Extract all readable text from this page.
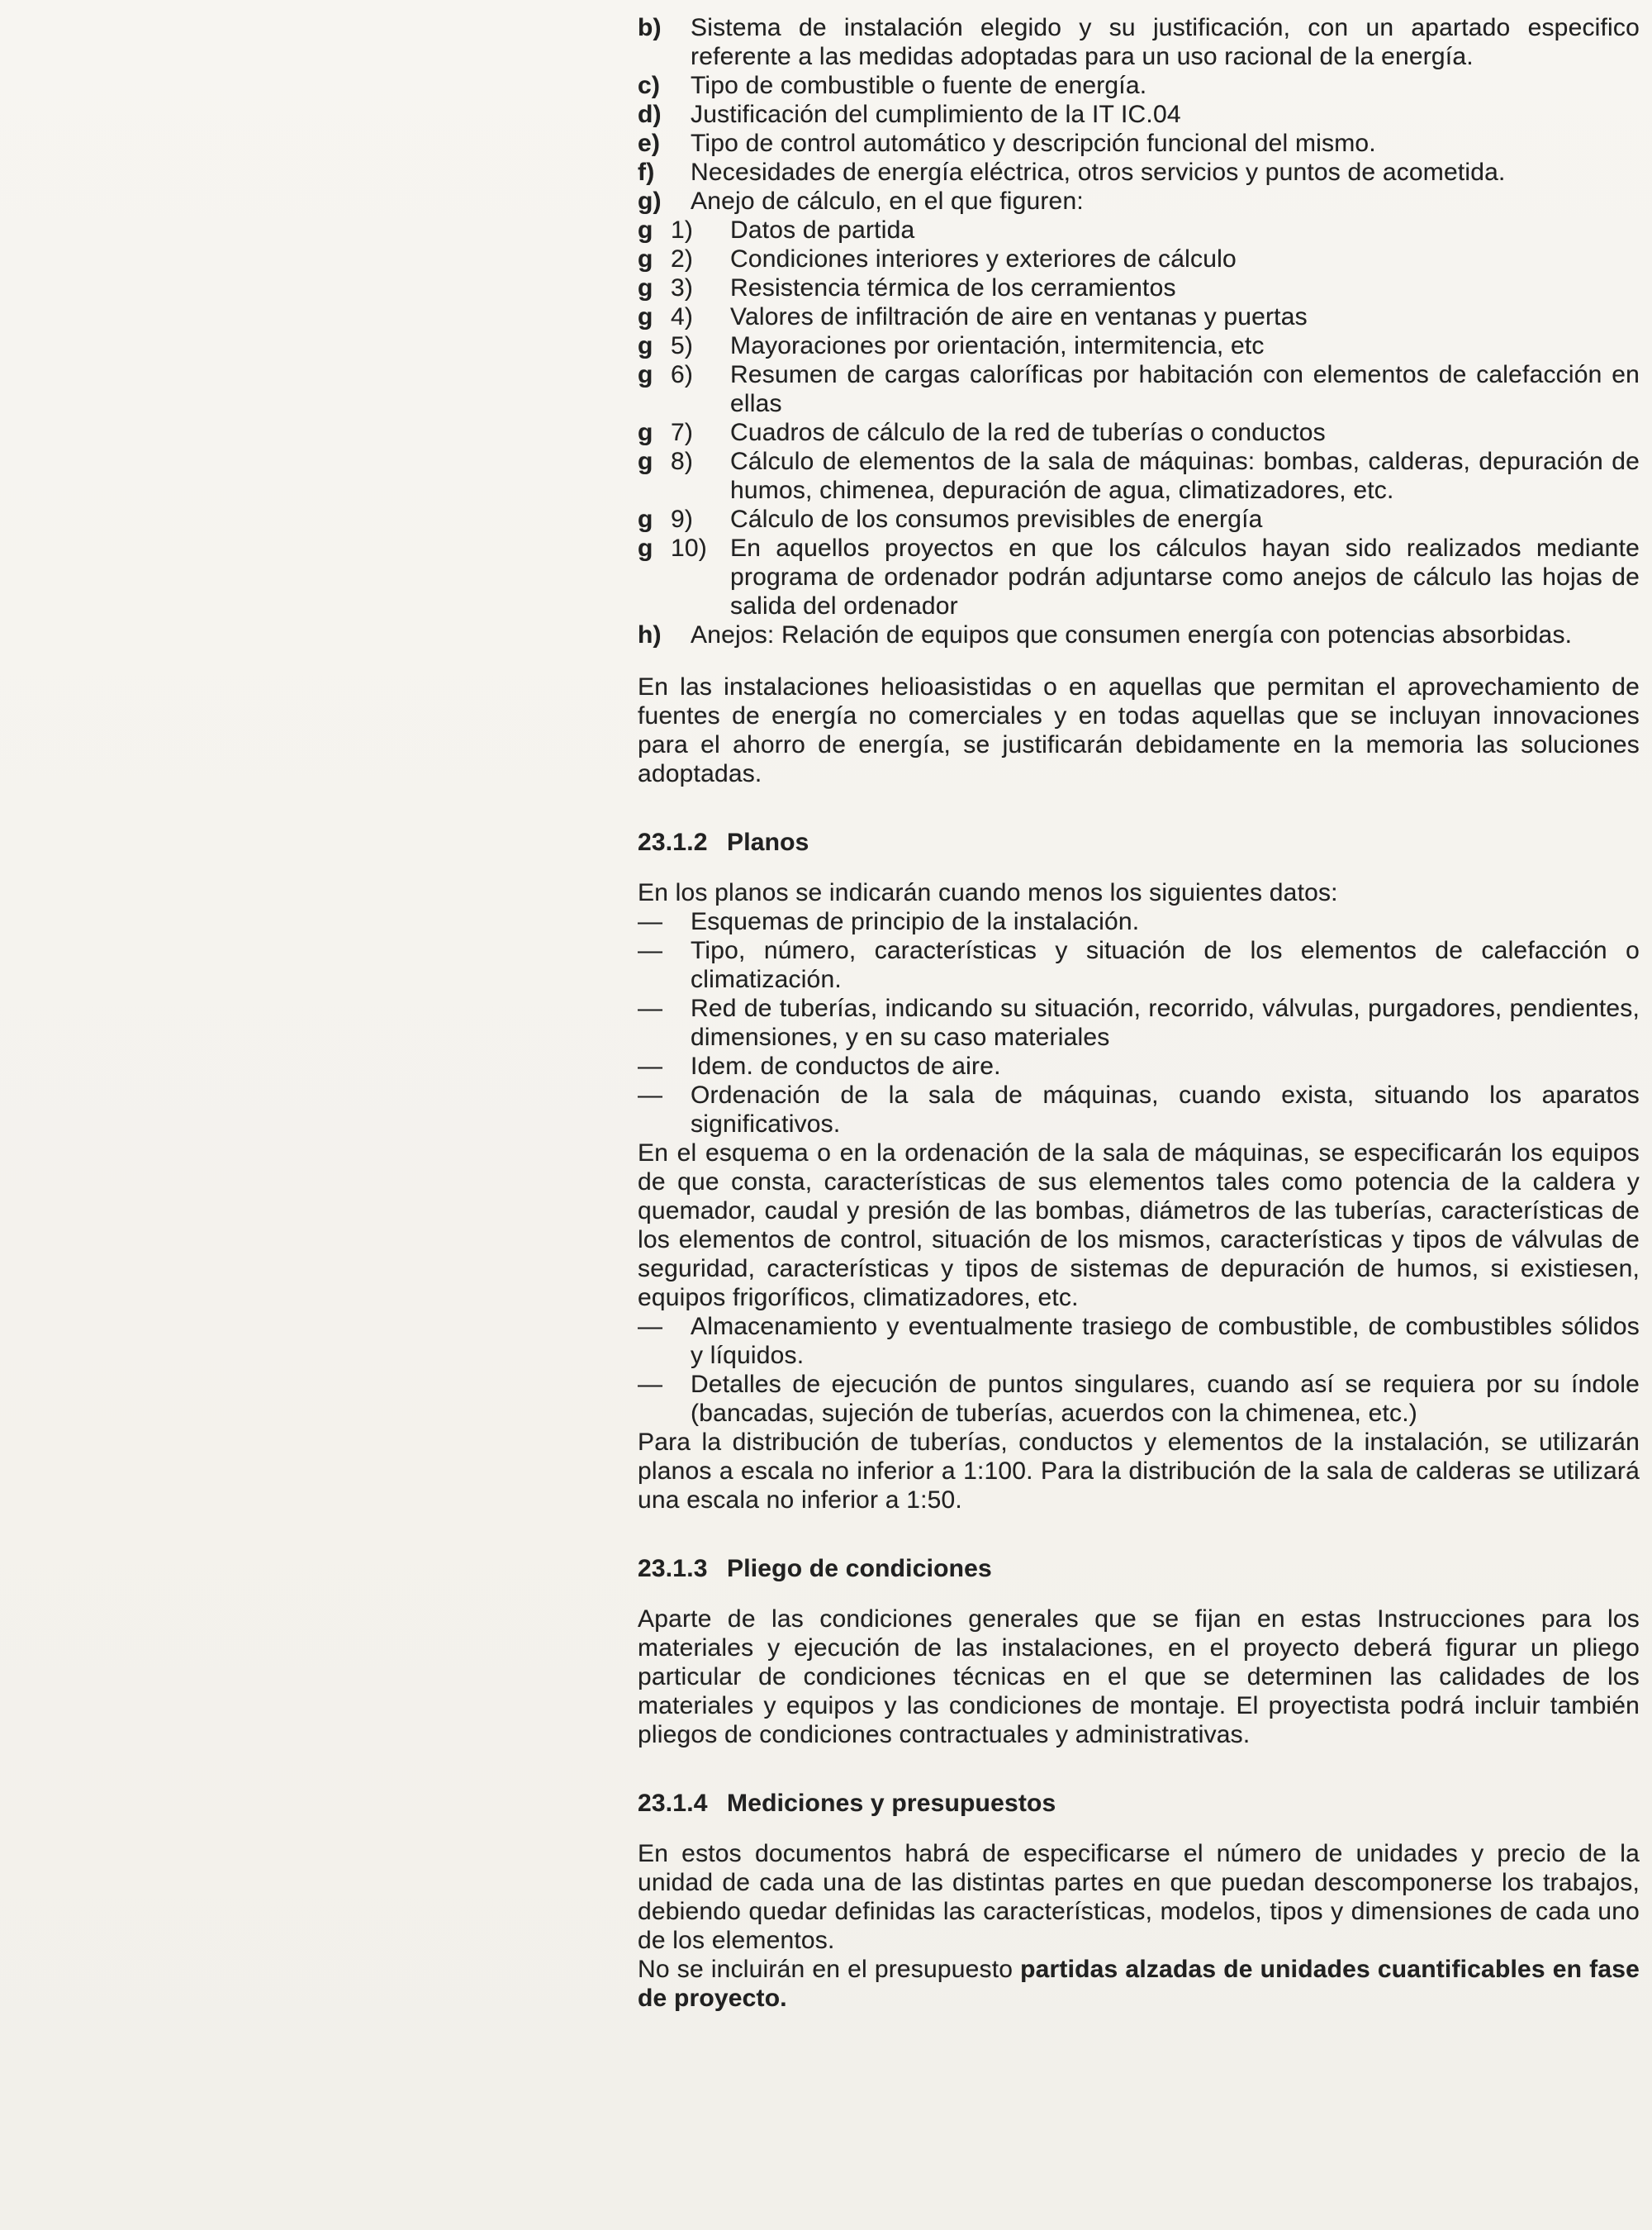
b)	Sistema de instalación elegido y su justificación, con un apartado especifico referente a las medidas adoptadas para un uso racional de la energía.
c)	Tipo de combustible o fuente de energía.
d)	Justificación del cumplimiento de la IT IC.04
e)	Tipo de control automático y descripción funcional del mismo.
f)	Necesidades de energía eléctrica, otros servicios y puntos de acometida.
g)	Anejo de cálculo, en el que figuren:
g 1)	Datos de partida
g 2)	Condiciones interiores y exteriores de cálculo
g 3)	Resistencia térmica de los cerramientos
g 4)	Valores de infiltración de aire en ventanas y puertas
g 5)	Mayoraciones por orientación, intermitencia, etc
g 6)	Resumen de cargas caloríficas por habitación con elementos de calefacción en ellas
g 7)	Cuadros de cálculo de la red de tuberías o conductos
g 8)	Cálculo de elementos de la sala de máquinas: bombas, calderas, depuración de humos, chimenea, depuración de agua, climatizadores, etc.
g 9)	Cálculo de los consumos previsibles de energía
g 10) En aquellos proyectos en que los cálculos hayan sido realizados mediante programa de ordenador podrán adjuntarse como anejos de cálculo las hojas de salida del ordenador
h)	Anejos: Relación de equipos que consumen energía con potencias absorbidas.

En las instalaciones helioasistidas o en aquellas que permitan el aprovechamiento de fuentes de energía no comerciales y en todas aquellas que se incluyan innovaciones para el ahorro de energía, se justificarán debidamente en la memoria las soluciones adoptadas.

23.1.2 Planos

En los planos se indicarán cuando menos los siguientes datos:

—	Esquemas de principio de la instalación.
—	Tipo, número, características y situación de los elementos de calefacción o climatización.
—	Red de tuberías, indicando su situación, recorrido, válvulas, purgadores, pendientes, dimensiones, y en su caso materiales
—	Idem. de conductos de aire.
—	Ordenación de la sala de máquinas, cuando exista, situando los aparatos significativos.

En el esquema o en la ordenación de la sala de máquinas, se especificarán los equipos de que consta, características de sus elementos tales como potencia de la caldera y quemador, caudal y presión de las bombas, diámetros de las tuberías, características de los elementos de control, situación de los mismos, características y tipos de válvulas de seguridad, características y tipos de sistemas de depuración de humos, si existiesen, equipos frigoríficos, climatizadores, etc.

—	Almacenamiento y eventualmente trasiego de combustible, de combustibles sólidos y líquidos.
—	Detalles de ejecución de puntos singulares, cuando así se requiera por su índole (bancadas, sujeción de tuberías, acuerdos con la chimenea, etc.)

Para la distribución de tuberías, conductos y elementos de la instalación, se utilizarán planos a escala no inferior a 1:100. Para la distribución de la sala de calderas se utilizará una escala no inferior a 1:50.

23.1.3 Pliego de condiciones

Aparte de las condiciones generales que se fijan en estas Instrucciones para los materiales y ejecución de las instalaciones, en el proyecto deberá figurar un pliego particular de condiciones técnicas en el que se determinen las calidades de los materiales y equipos y las condiciones de montaje. El proyectista podrá incluir también pliegos de condiciones contractuales y administrativas.

23.1.4 Mediciones y presupuestos

En estos documentos habrá de especificarse el número de unidades y precio de la unidad de cada una de las distintas partes en que puedan descomponerse los trabajos, debiendo quedar definidas las características, modelos, tipos y dimensiones de cada uno de los elementos.

No se incluirán en el presupuesto partidas alzadas de unidades cuantificables en fase de proyecto.
